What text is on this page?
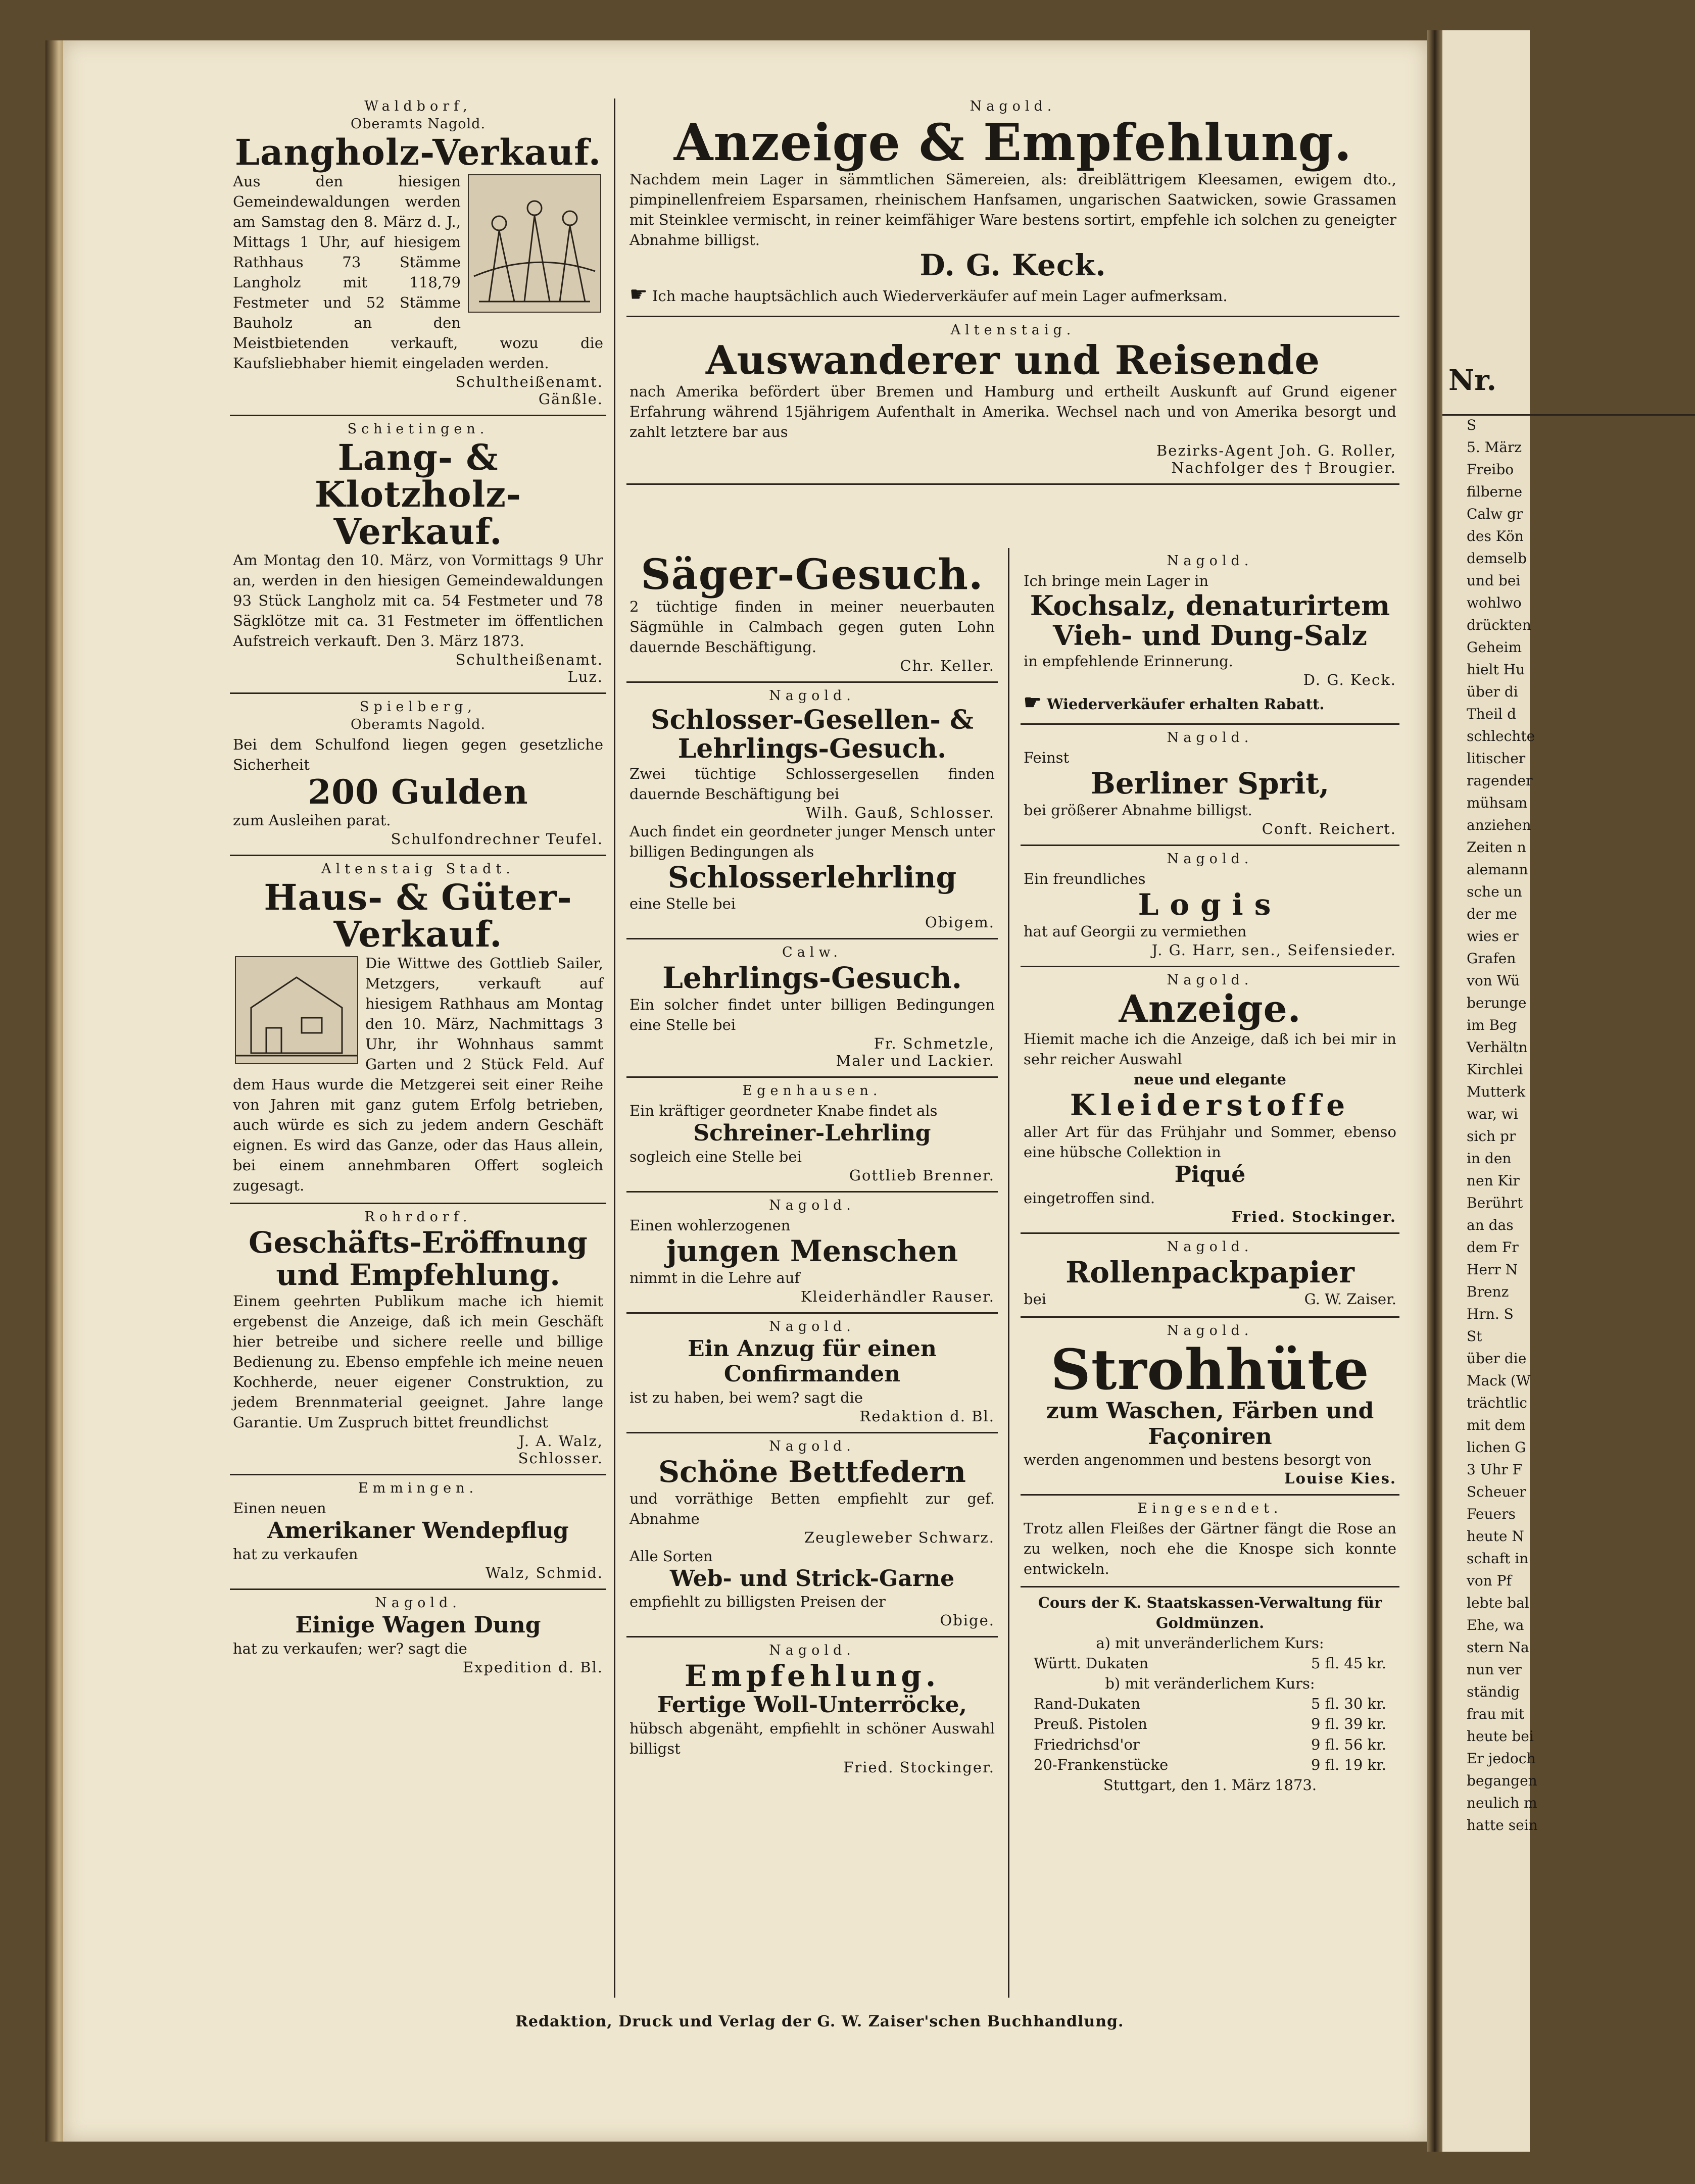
Waldborf,
Oberamts Nagold.
Langholz-Verkauf.
Aus den hiesigen Gemeindewaldungen werden am Samstag den 8. März d. J., Mittags 1 Uhr, auf hiesigem Rathhaus 73 Stämme Langholz mit 118,79 Festmeter und 52 Stämme Bauholz an den Meistbietenden verkauft, wozu die Kaufsliebhaber hiemit eingeladen werden.
Schultheißenamt.
Gänßle.
Schietingen.
Lang- & Klotzholz-Verkauf.
Am Montag den 10. März, von Vormittags 9 Uhr an, werden in den hiesigen Gemeindewaldungen 93 Stück Langholz mit ca. 54 Festmeter und 78 Sägklötze mit ca. 31 Festmeter im öffentlichen Aufstreich verkauft. Den 3. März 1873.
Schultheißenamt.
Luz.
Spielberg,
Oberamts Nagold.
Bei dem Schulfond liegen gegen gesetzliche Sicherheit
200 Gulden
zum Ausleihen parat.
Schulfondrechner Teufel.
Altenstaig Stadt.
Haus- & Güter-Verkauf.
Die Wittwe des Gottlieb Sailer, Metzgers, verkauft auf hiesigem Rathhaus am Montag den 10. März, Nachmittags 3 Uhr, ihr Wohnhaus sammt Garten und 2 Stück Feld. Auf dem Haus wurde die Metzgerei seit einer Reihe von Jahren mit ganz gutem Erfolg betrieben, auch würde es sich zu jedem andern Geschäft eignen. Es wird das Ganze, oder das Haus allein, bei einem annehmbaren Offert sogleich zugesagt.
Rohrdorf.
Geschäfts-Eröffnung und Empfehlung.
Einem geehrten Publikum mache ich hiemit ergebenst die Anzeige, daß ich mein Geschäft hier betreibe und sichere reelle und billige Bedienung zu. Ebenso empfehle ich meine neuen Kochherde, neuer eigener Construktion, zu jedem Brennmaterial geeignet. Jahre lange Garantie. Um Zuspruch bittet freundlichst
J. A. Walz,
Schlosser.
Emmingen.
Einen neuen
Amerikaner Wendepflug
hat zu verkaufen
Walz, Schmid.
Nagold.
Einige Wagen Dung
hat zu verkaufen; wer? sagt die
Expedition d. Bl.
Nagold.
Anzeige & Empfehlung.
Nachdem mein Lager in sämmtlichen Sämereien, als: dreiblättrigem Kleesamen, ewigem dto., pimpinellenfreiem Esparsamen, rheinischem Hanfsamen, ungarischen Saatwicken, sowie Grassamen mit Steinklee vermischt, in reiner keimfähiger Ware bestens sortirt, empfehle ich solchen zu geneigter Abnahme billigst.
D. G. Keck.
☛ Ich mache hauptsächlich auch Wiederverkäufer auf mein Lager aufmerksam.
Altenstaig.
Auswanderer und Reisende
nach Amerika befördert über Bremen und Hamburg und ertheilt Auskunft auf Grund eigener Erfahrung während 15jährigem Aufenthalt in Amerika. Wechsel nach und von Amerika besorgt und zahlt letztere bar aus
Bezirks-Agent Joh. G. Roller,
Nachfolger des † Brougier.
Säger-Gesuch.
2 tüchtige finden in meiner neuerbauten Sägmühle in Calmbach gegen guten Lohn dauernde Beschäftigung.
Chr. Keller.
Nagold.
Schlosser-Gesellen- & Lehrlings-Gesuch.
Zwei tüchtige Schlossergesellen finden dauernde Beschäftigung bei
Wilh. Gauß, Schlosser.
Auch findet ein geordneter junger Mensch unter billigen Bedingungen als
Schlosserlehrling
eine Stelle bei
Obigem.
Calw.
Lehrlings-Gesuch.
Ein solcher findet unter billigen Bedingungen eine Stelle bei
Fr. Schmetzle,
Maler und Lackier.
Egenhausen.
Ein kräftiger geordneter Knabe findet als
Schreiner-Lehrling
sogleich eine Stelle bei
Gottlieb Brenner.
Nagold.
Einen wohlerzogenen
jungen Menschen
nimmt in die Lehre auf
Kleiderhändler Rauser.
Nagold.
Ein Anzug für einen Confirmanden
ist zu haben, bei wem? sagt die
Redaktion d. Bl.
Nagold.
Schöne Bettfedern
und vorräthige Betten empfiehlt zur gef. Abnahme
Zeugleweber Schwarz.
Alle Sorten
Web- und Strick-Garne
empfiehlt zu billigsten Preisen der
Obige.
Nagold.
Empfehlung.
Fertige Woll-Unterröcke,
hübsch abgenäht, empfiehlt in schöner Auswahl billigst
Fried. Stockinger.
Nagold.
Ich bringe mein Lager in
Kochsalz, denaturirtem Vieh- und Dung-Salz
in empfehlende Erinnerung.
D. G. Keck.
☛ Wiederverkäufer erhalten Rabatt.
Nagold.
Feinst
Berliner Sprit,
bei größerer Abnahme billigst.
Conft. Reichert.
Nagold.
Ein freundliches
Logis
hat auf Georgii zu vermiethen
J. G. Harr, sen., Seifensieder.
Nagold.
Anzeige.
Hiemit mache ich die Anzeige, daß ich bei mir in sehr reicher Auswahl
neue und elegante
Kleiderstoffe
aller Art für das Frühjahr und Sommer, ebenso eine hübsche Collektion in
Piqué
eingetroffen sind.
Fried. Stockinger.
Nagold.
Rollenpackpapier
bei	G. W. Zaiser.
Nagold.
Strohhüte
zum Waschen, Färben und Façoniren
werden angenommen und bestens besorgt von
Louise Kies.
Eingesendet.
Trotz allen Fleißes der Gärtner fängt die Rose an zu welken, noch ehe die Knospe sich konnte entwickeln.
Cours der K. Staatskassen-Verwaltung für Goldmünzen.
a) mit unveränderlichem Kurs:
Württ. Dukaten	5 fl. 45 kr.
b) mit veränderlichem Kurs:
Rand-Dukaten	5 fl. 30 kr.
Preuß. Pistolen	9 fl. 39 kr.
Friedrichsd'or	9 fl. 56 kr.
20-Frankenstücke	9 fl. 19 kr.
Stuttgart, den 1. März 1873.
Redaktion, Druck und Verlag der G. W. Zaiser'schen Buchhandlung.
Nr.
S
5. März
Freibo
filberne
Calw gr
des Kön
demselb
und bei
wohlwo
drückten
Geheim
hielt Hu
über di
Theil d
schlechte
litischer
ragender
mühsam
anziehen
Zeiten n
alemann
sche un
der me
wies er
Grafen
von Wü
berunge
im Beg
Verhältn
Kirchlei
Mutterk
war, wi
sich pr
in den
nen Kir
Berührt
an das
dem Fr
Herr N
Brenz
Hrn. S
St
über die
Mack (W
trächtlic
mit dem
lichen G
3 Uhr F
Scheuer
Feuers
heute N
schaft in
von Pf
lebte bal
Ehe, wa
stern Na
nun ver
ständig
frau mit
heute bei
Er jedoch
begangen
neulich m
hatte sein
